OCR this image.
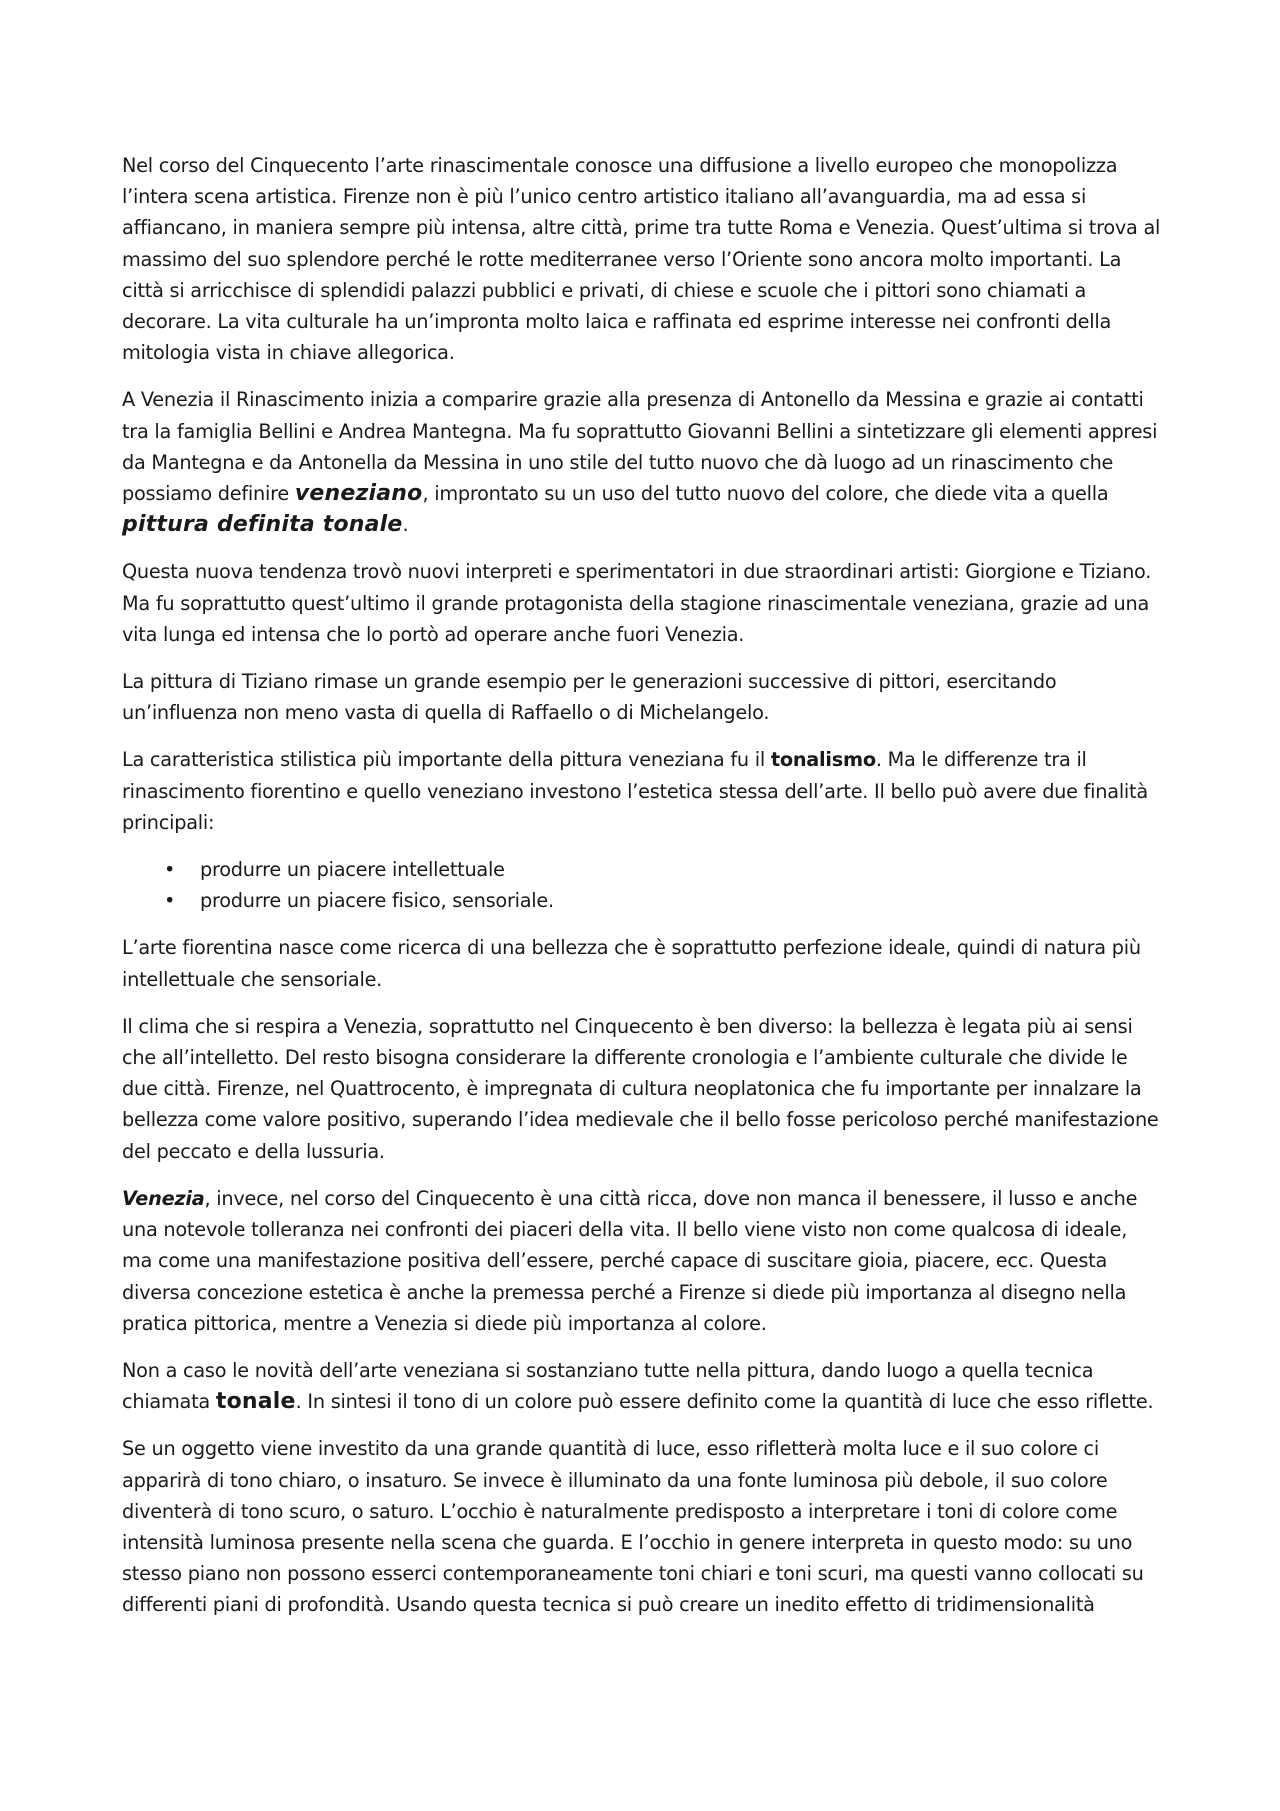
Nel corso del Cinquecento l’arte rinascimentale conosce una diffusione a livello europeo che monopolizza l’intera scena artistica. Firenze non è più l’unico centro artistico italiano all’avanguardia, ma ad essa si affiancano, in maniera sempre più intensa, altre città, prime tra tutte Roma e Venezia. Quest’ultima si trova al massimo del suo splendore perché le rotte mediterranee verso l’Oriente sono ancora molto importanti. La città si arricchisce di splendidi palazzi pubblici e privati, di chiese e scuole che i pittori sono chiamati a decorare. La vita culturale ha un’impronta molto laica e raffinata ed esprime interesse nei confronti della mitologia vista in chiave allegorica.

A Venezia il Rinascimento inizia a comparire grazie alla presenza di Antonello da Messina e grazie ai contatti tra la famiglia Bellini e Andrea Mantegna. Ma fu soprattutto Giovanni Bellini a sintetizzare gli elementi appresi da Mantegna e da Antonella da Messina in uno stile del tutto nuovo che dà luogo ad un rinascimento che possiamo definire veneziano, improntato su un uso del tutto nuovo del colore, che diede vita a quella pittura definita tonale.

Questa nuova tendenza trovò nuovi interpreti e sperimentatori in due straordinari artisti: Giorgione e Tiziano. Ma fu soprattutto quest’ultimo il grande protagonista della stagione rinascimentale veneziana, grazie ad una vita lunga ed intensa che lo portò ad operare anche fuori Venezia.

La pittura di Tiziano rimase un grande esempio per le generazioni successive di pittori, esercitando un’influenza non meno vasta di quella di Raffaello o di Michelangelo.

La caratteristica stilistica più importante della pittura veneziana fu il tonalismo. Ma le differenze tra il rinascimento fiorentino e quello veneziano investono l’estetica stessa dell’arte. Il bello può avere due finalità principali:

• produrre un piacere intellettuale
• produrre un piacere fisico, sensoriale.

L’arte fiorentina nasce come ricerca di una bellezza che è soprattutto perfezione ideale, quindi di natura più intellettuale che sensoriale.

Il clima che si respira a Venezia, soprattutto nel Cinquecento è ben diverso: la bellezza è legata più ai sensi che all’intelletto. Del resto bisogna considerare la differente cronologia e l’ambiente culturale che divide le due città. Firenze, nel Quattrocento, è impregnata di cultura neoplatonica che fu importante per innalzare la bellezza come valore positivo, superando l’idea medievale che il bello fosse pericoloso perché manifestazione del peccato e della lussuria.

Venezia, invece, nel corso del Cinquecento è una città ricca, dove non manca il benessere, il lusso e anche una notevole tolleranza nei confronti dei piaceri della vita. Il bello viene visto non come qualcosa di ideale, ma come una manifestazione positiva dell’essere, perché capace di suscitare gioia, piacere, ecc. Questa diversa concezione estetica è anche la premessa perché a Firenze si diede più importanza al disegno nella pratica pittorica, mentre a Venezia si diede più importanza al colore.

Non a caso le novità dell’arte veneziana si sostanziano tutte nella pittura, dando luogo a quella tecnica chiamata tonale. In sintesi il tono di un colore può essere definito come la quantità di luce che esso riflette.

Se un oggetto viene investito da una grande quantità di luce, esso rifletterà molta luce e il suo colore ci apparirà di tono chiaro, o insaturo. Se invece è illuminato da una fonte luminosa più debole, il suo colore diventerà di tono scuro, o saturo. L’occhio è naturalmente predisposto a interpretare i toni di colore come intensità luminosa presente nella scena che guarda. E l’occhio in genere interpreta in questo modo: su uno stesso piano non possono esserci contemporaneamente toni chiari e toni scuri, ma questi vanno collocati su differenti piani di profondità. Usando questa tecnica si può creare un inedito effetto di tridimensionalità
